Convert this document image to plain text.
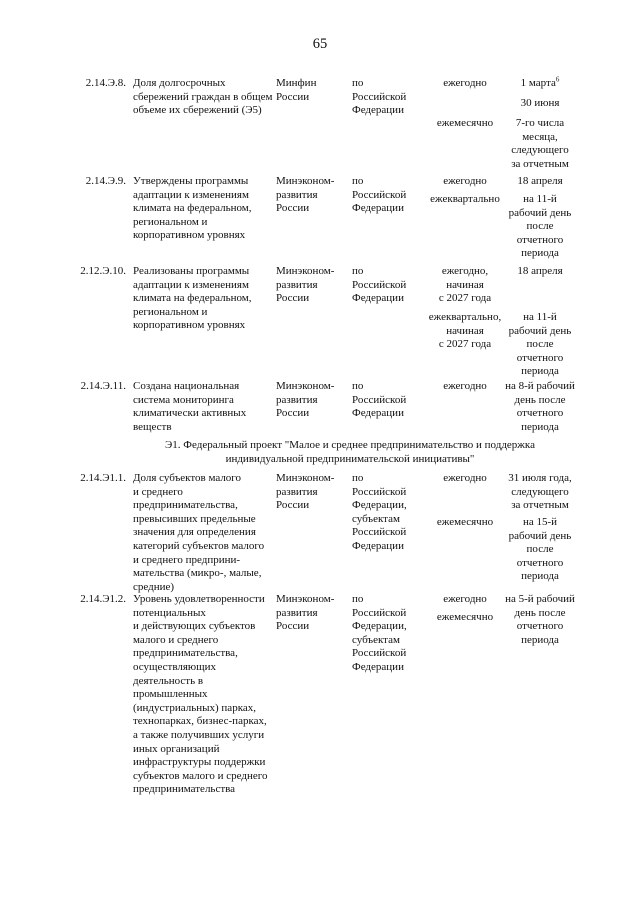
65
2.14.Э.8. Доля долгосрочных
сбережений граждан в общем
объеме их сбережений (Э5)
Минфин
России
по
Российской
Федерации

ежегодно

ежемесячно

1 марта$^6$

30 июня

7-го числа
месяца,
следующего
за отчетным

2.14.Э.9. Утверждены программы
адаптации к изменениям
климата на федеральном,
региональном и
корпоративном уровнях
Минэконом-
развития
России
по
Российской
Федерации

ежегодно

ежеквартально

18 апреля

на 11-й
рабочий день
после
отчетного
периода

2.12.Э.10. Реализованы программы
адаптации к изменениям
климата на федеральном,
региональном и
корпоративном уровнях
Минэконом-
развития
России
по
Российской
Федерации

ежегодно,
начиная
с 2027 года

ежеквартально,
начиная
с 2027 года

18 апреля

на 11-й
рабочий день
после
отчетного
периода

2.14.Э.11. Создана национальная
система мониторинга
климатически активных
веществ
Минэконом-
развития
России
по
Российской
Федерации

ежегодно	на 8-й рабочий
день после
отчетного
периода

Э1. Федеральный проект "Малое и среднее предпринимательство и поддержка
индивидуальной предпринимательской инициативы"
2.14.Э1.1. Доля субъектов малого
и среднего
предпринимательства,
превысивших предельные
значения для определения
категорий субъектов малого
и среднего предприни-
мательства (микро-, малые,
средние)
Минэконом-
развития
России
по
Российской
Федерации,
субъектам
Российской
Федерации

ежегодно

ежемесячно

31 июля года,
следующего
за отчетным

на 15-й
рабочий день
после
отчетного
периода

2.14.Э1.2. Уровень удовлетворенности
потенциальных
и действующих субъектов
малого и среднего
предпринимательства,
осуществляющих
деятельность в промышленных
(индустриальных) парках,
технопарках, бизнес-парках,
а также получивших услуги
иных организаций
инфраструктуры поддержки
субъектов малого и среднего
предпринимательства
Минэконом-
развития
России
по
Российской
Федерации,
субъектам
Российской
Федерации

ежегодно

ежемесячно

на 5-й рабочий
день после
отчетного
периода
